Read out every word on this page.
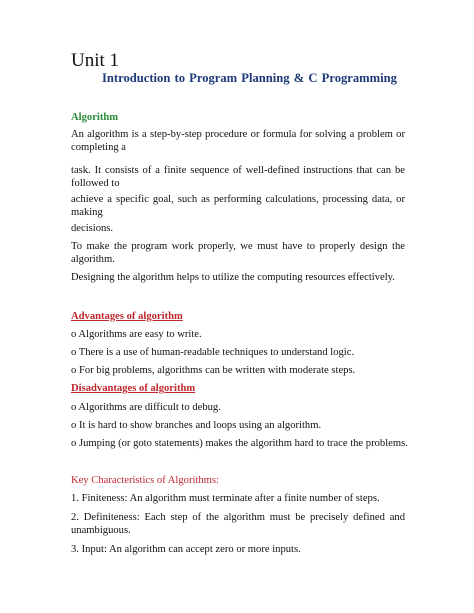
Unit 1
Introduction to Program Planning & C Programming
Algorithm
An algorithm is a step-by-step procedure or formula for solving a problem or completing a
task. It consists of a finite sequence of well-defined instructions that can be followed to
achieve a specific goal, such as performing calculations, processing data, or making
decisions.
To make the program work properly, we must have to properly design the algorithm.
Designing the algorithm helps to utilize the computing resources effectively.
Advantages of algorithm
o Algorithms are easy to write.
o There is a use of human-readable techniques to understand logic.
o For big problems, algorithms can be written with moderate steps.
Disadvantages of algorithm
o Algorithms are difficult to debug.
o It is hard to show branches and loops using an algorithm.
o Jumping (or goto statements) makes the algorithm hard to trace the problems.
Key Characteristics of Algorithms:
1. Finiteness: An algorithm must terminate after a finite number of steps.
2. Definiteness: Each step of the algorithm must be precisely defined and unambiguous.
3. Input: An algorithm can accept zero or more inputs.
